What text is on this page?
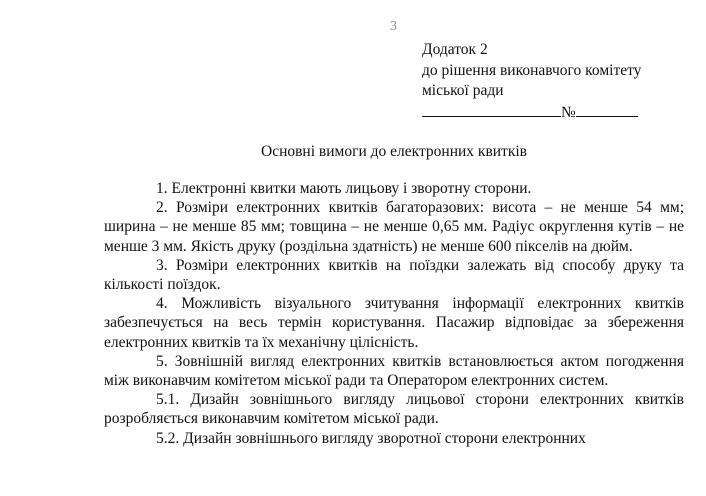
3
Додаток 2
до рішення виконавчого комітету
міської ради
№
Основні вимоги до електронних квитків

1. Електронні квитки мають лицьову і зворотну сторони.

2. Розміри електронних квитків багаторазових: висота – не менше 54 мм; ширина – не менше 85 мм; товщина – не менше 0,65 мм. Радіус округлення кутів – не менше 3 мм. Якість друку (роздільна здатність) не менше 600 пікселів на дюйм.

3. Розміри електронних квитків на поїздки залежать від способу друку та кількості поїздок.

4. Можливість візуального зчитування інформації електронних квитків забезпечується на весь термін користування. Пасажир відповідає за збереження електронних квитків та їх механічну цілісність.

5. Зовнішній вигляд електронних квитків встановлюється актом погодження між виконавчим комітетом міської ради та Оператором електронних систем.

5.1. Дизайн зовнішнього вигляду лицьової сторони електронних квитків розробляється виконавчим комітетом міської ради.

5.2. Дизайн зовнішнього вигляду зворотної сторони електронних
